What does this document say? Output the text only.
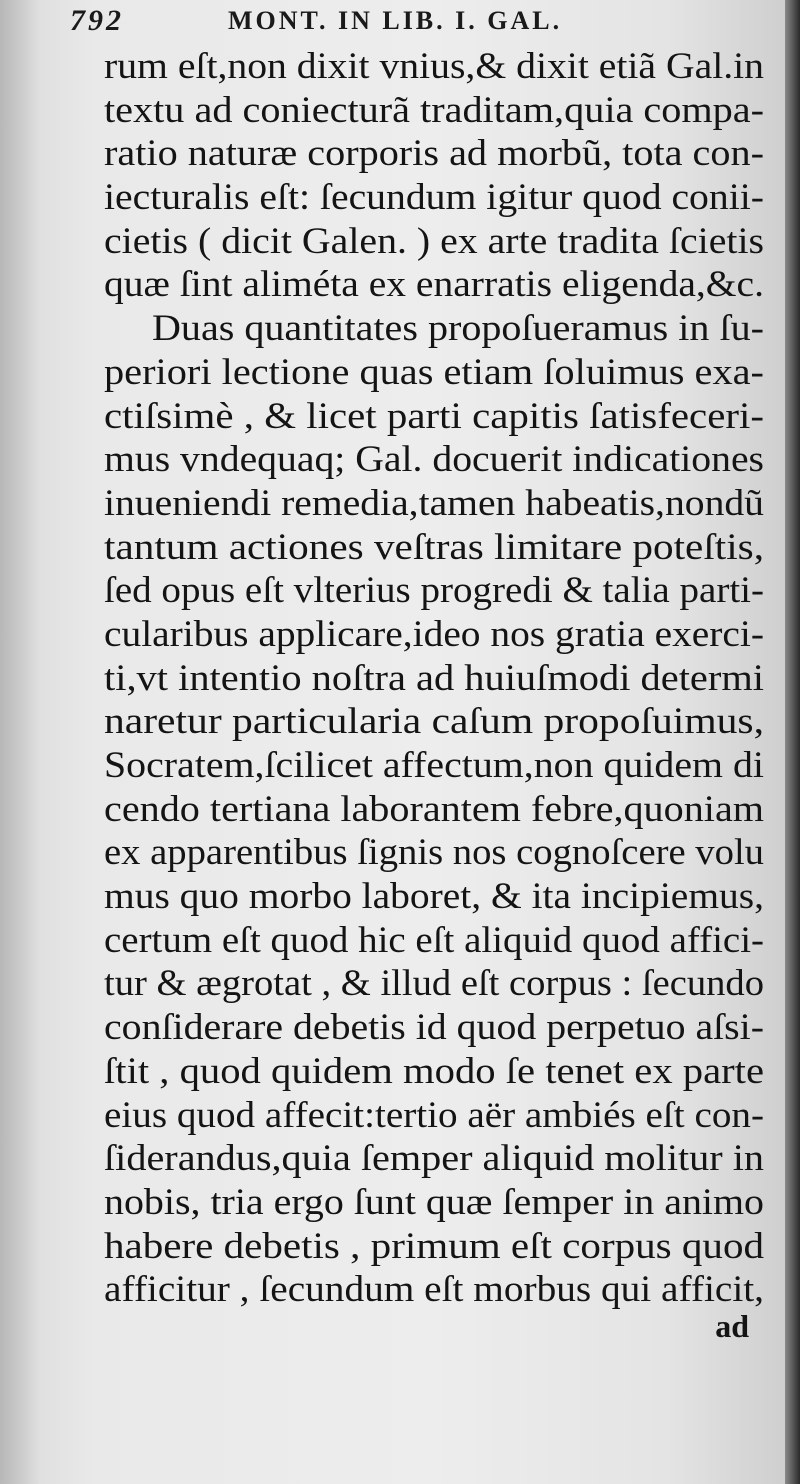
792	MONT. IN LIB. I. GAL.
rum eſt,non dixit vnius,& dixit etiã Gal.in
textu ad coniecturã traditam,quia compa-
ratio naturæ corporis ad morbũ, tota con-
iecturalis eſt: ſecundum igitur quod conii-
cietis ( dicit Galen. ) ex arte tradita ſcietis
quæ ſint aliméta ex enarratis eligenda,&c.
Duas quantitates propoſueramus in ſu-
periori lectione quas etiam ſoluimus exa-
ctiſsimè , & licet parti capitis ſatisfeceri-
mus vndequaq; Gal. docuerit indicationes
inueniendi remedia,tamen habeatis,nondũ
tantum actiones veſtras limitare poteſtis,
ſed opus eſt vlterius progredi & talia parti-
cularibus applicare,ideo nos gratia exerci-
ti,vt intentio noſtra ad huiuſmodi determi
naretur particularia caſum propoſuimus,
Socratem,ſcilicet affectum,non quidem di
cendo tertiana laborantem febre,quoniam
ex apparentibus ſignis nos cognoſcere volu
mus quo morbo laboret, & ita incipiemus,
certum eſt quod hic eſt aliquid quod affici-
tur & ægrotat , & illud eſt corpus : ſecundo
conſiderare debetis id quod perpetuo aſsi-
ſtit , quod quidem modo ſe tenet ex parte
eius quod affecit:tertio aër ambiés eſt con-
ſiderandus,quia ſemper aliquid molitur in
nobis, tria ergo ſunt quæ ſemper in animo
habere debetis , primum eſt corpus quod
afficitur , ſecundum eſt morbus qui afficit,
ad
